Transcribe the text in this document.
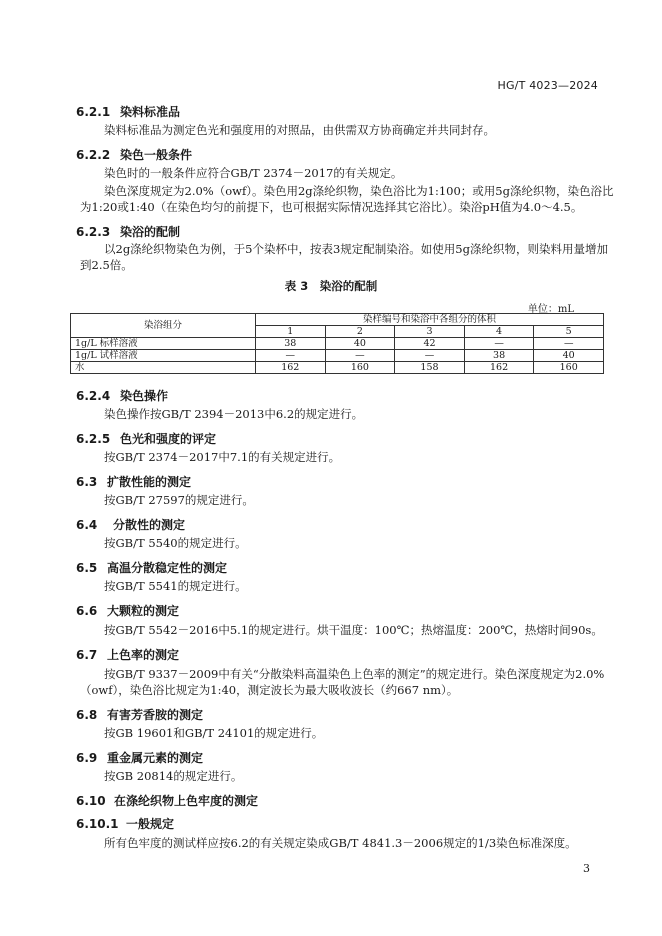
HG/T 4023—2024
6.2.1 染料标准品
染料标准品为测定色光和强度用的对照品，由供需双方协商确定并共同封存。
6.2.2 染色一般条件
染色时的一般条件应符合GB/T 2374－2017的有关规定。
染色深度规定为2.0%（owf）。染色用2g涤纶织物，染色浴比为1:100；或用5g涤纶织物，染色浴比
为1:20或1:40（在染色均匀的前提下，也可根据实际情况选择其它浴比）。染浴pH值为4.0～4.5。
6.2.3 染浴的配制
以2g涤纶织物染色为例，于5个染杯中，按表3规定配制染浴。如使用5g涤纶织物，则染料用量增加
到2.5倍。
表 3　染浴的配制
单位：mL
染浴组分	染样编号和染浴中各组分的体积				
	1	2	3	4	5
1g/L 标样溶液	38	40	42	—	—
1g/L 试样溶液	—	—	—	38	40
水	162	160	158	162	160
6.2.4 染色操作
染色操作按GB/T 2394－2013中6.2的规定进行。
6.2.5 色光和强度的评定
按GB/T 2374－2017中7.1的有关规定进行。
6.3 扩散性能的测定
按GB/T 27597的规定进行。
6.4 分散性的测定
按GB/T 5540的规定进行。
6.5 高温分散稳定性的测定
按GB/T 5541的规定进行。
6.6 大颗粒的测定
按GB/T 5542－2016中5.1的规定进行。烘干温度：100℃；热熔温度：200℃，热熔时间90s。
6.7 上色率的测定
按GB/T 9337－2009中有关“分散染料高温染色上色率的测定”的规定进行。染色深度规定为2.0%
（owf），染色浴比规定为1:40，测定波长为最大吸收波长（约667 nm）。
6.8 有害芳香胺的测定
按GB 19601和GB/T 24101的规定进行。
6.9 重金属元素的测定
按GB 20814的规定进行。
6.10 在涤纶织物上色牢度的测定
6.10.1 一般规定
所有色牢度的测试样应按6.2的有关规定染成GB/T 4841.3－2006规定的1/3染色标准深度。
3
